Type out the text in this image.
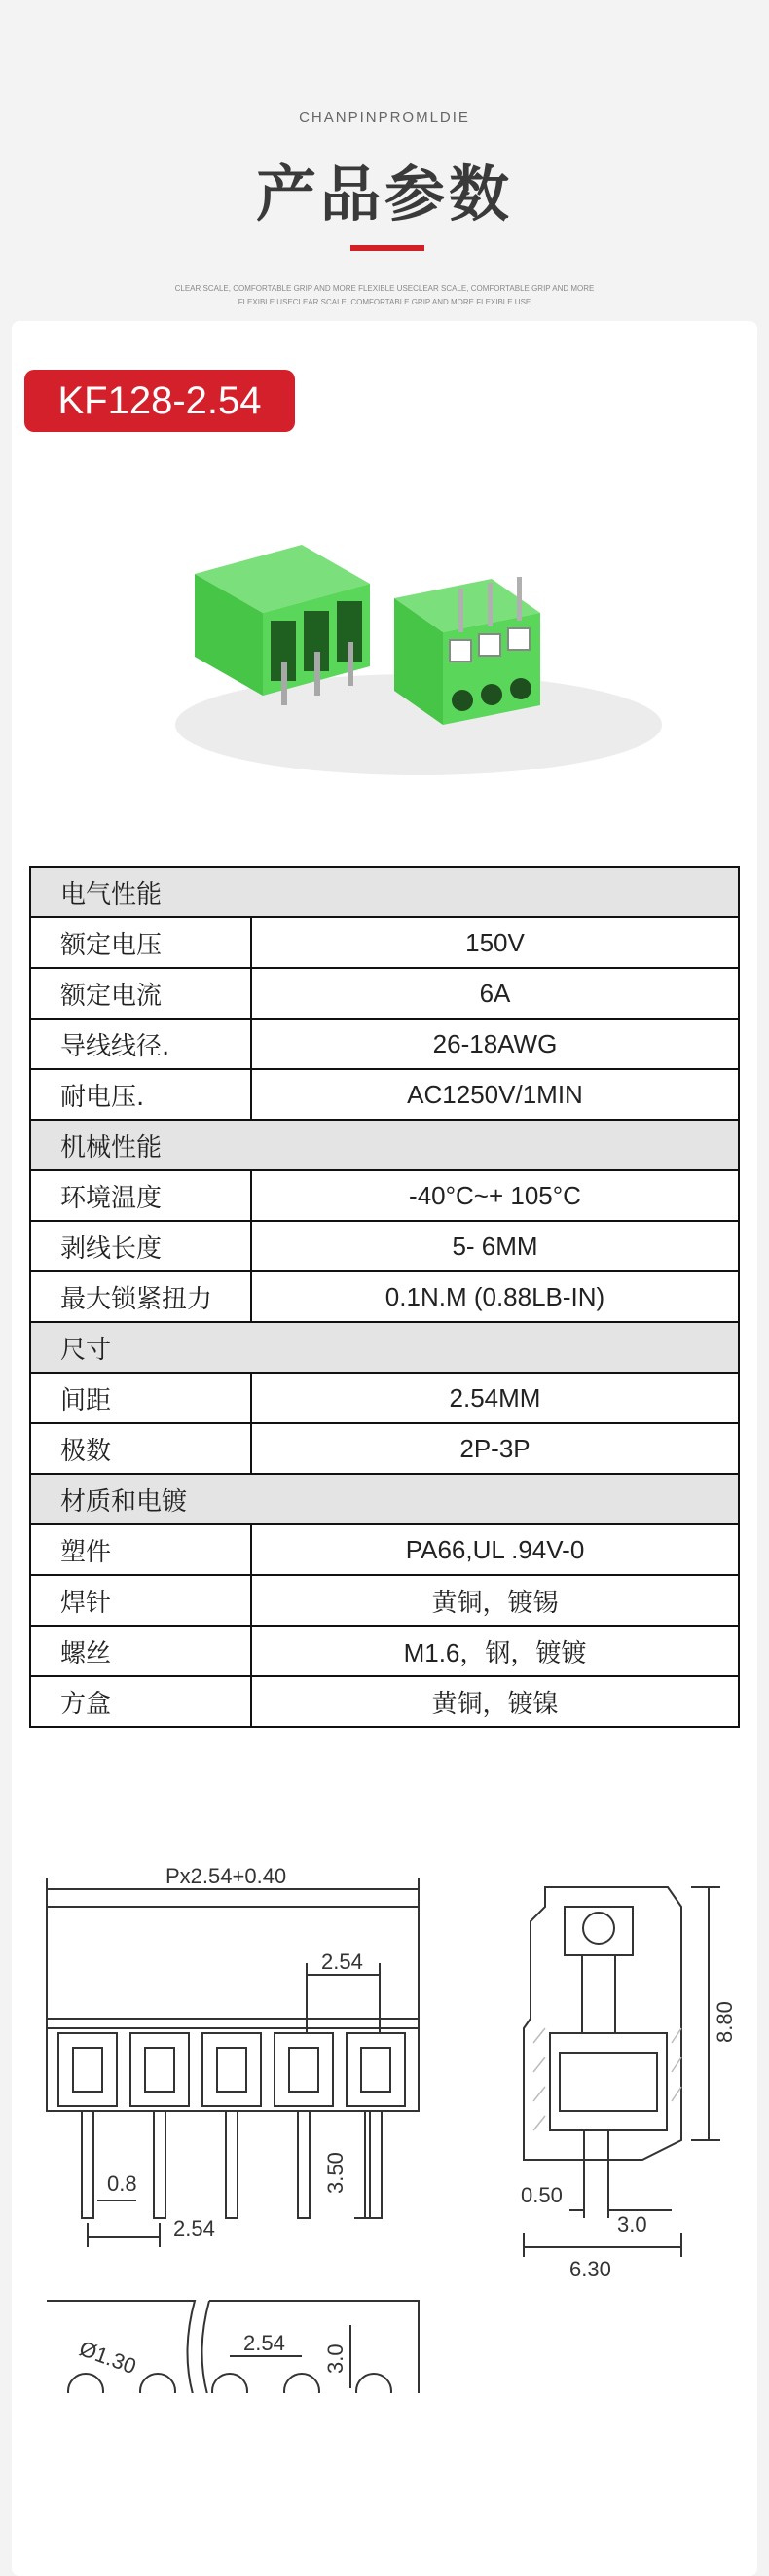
CHANPINPROMLDIE
产品参数
CLEAR SCALE, COMFORTABLE GRIP AND MORE FLEXIBLE USECLEAR SCALE, COMFORTABLE GRIP AND MORE
FLEXIBLE USECLEAR SCALE, COMFORTABLE GRIP AND MORE FLEXIBLE USE
KF128-2.54
电气性能	
额定电压	150V
额定电流	6A
导线线径.	26-18AWG
耐电压.	AC1250V/1MIN
机械性能	
环境温度	-40°C~+ 105°C
剥线长度	5- 6MM
最大锁紧扭力	0.1N.M (0.88LB-IN)
尺寸	
间距	2.54MM
极数	2P-3P
材质和电镀	
塑件	PA66,UL .94V-0
焊针	黄铜，镀锡
螺丝	M1.6，钢，镀镀
方盒	黄铜，镀镍
Px2.54+0.40
2.54
0.8	3.50
2.54
Ø1.30	2.54
3.0
8.80
0.50
3.0
6.30
